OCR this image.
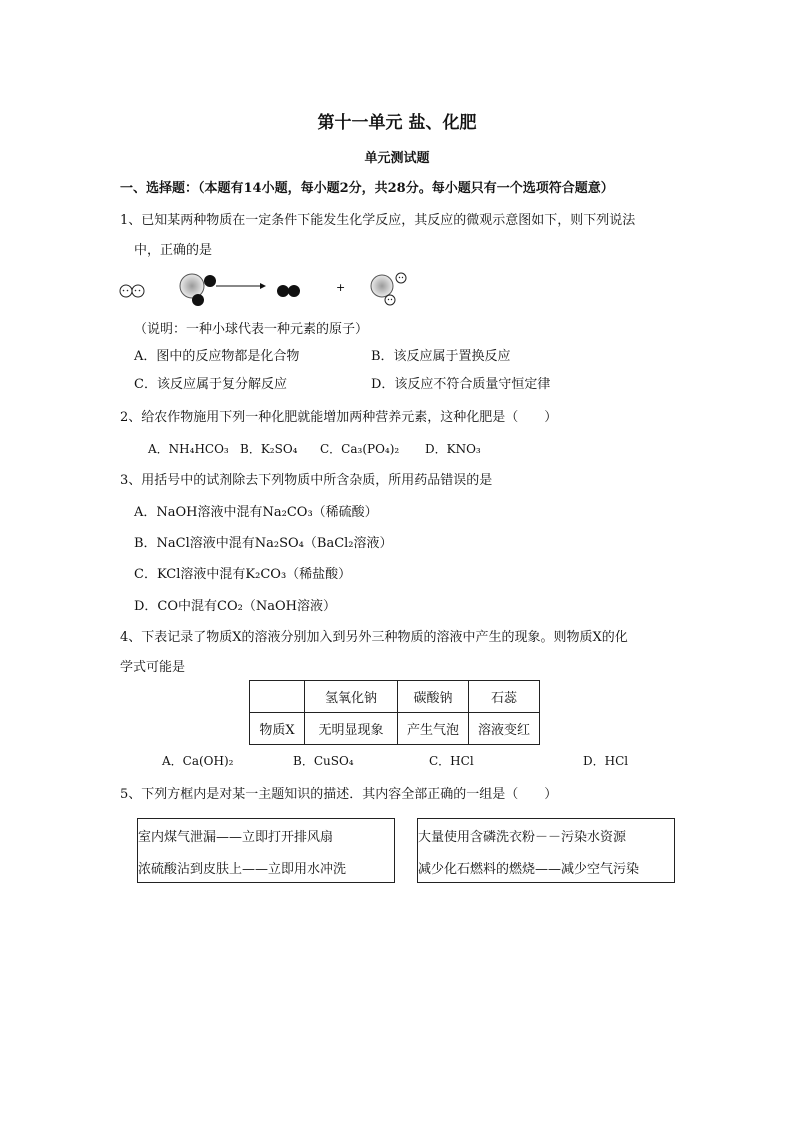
第十一单元 盐、化肥
单元测试题
一、选择题：（本题有14小题，每小题2分，共28分。每小题只有一个选项符合题意）
1、已知某两种物质在一定条件下能发生化学反应，其反应的微观示意图如下，则下列说法
中，正确的是
+
（说明：一种小球代表一种元素的原子）
A．图中的反应物都是化合物	B．该反应属于置换反应
C．该反应属于复分解反应	D．该反应不符合质量守恒定律
2、给农作物施用下列一种化肥就能增加两种营养元素，这种化肥是（　　）
A．NH₄HCO₃ B．K₂SO₄ C．Ca₃(PO₄)₂ D．KNO₃
3、用括号中的试剂除去下列物质中所含杂质，所用药品错误的是
A．NaOH溶液中混有Na₂CO₃（稀硫酸）
B．NaCl溶液中混有Na₂SO₄（BaCl₂溶液）
C．KCl溶液中混有K₂CO₃（稀盐酸）
D．CO中混有CO₂（NaOH溶液）
4、下表记录了物质X的溶液分别加入到另外三种物质的溶液中产生的现象。则物质X的化
学式可能是
	氢氧化钠	碳酸钠	石蕊
物质X	无明显现象	产生气泡	溶液变红
A．Ca(OH)₂	B．CuSO₄	C．HCl	D．HCl
5、下列方框内是对某一主题知识的描述．其内容全部正确的一组是（　　）
室内煤气泄漏——立即打开排风扇
浓硫酸沾到皮肤上——立即用水冲洗
大量使用含磷洗衣粉－－污染水资源
减少化石燃料的燃烧——减少空气污染
